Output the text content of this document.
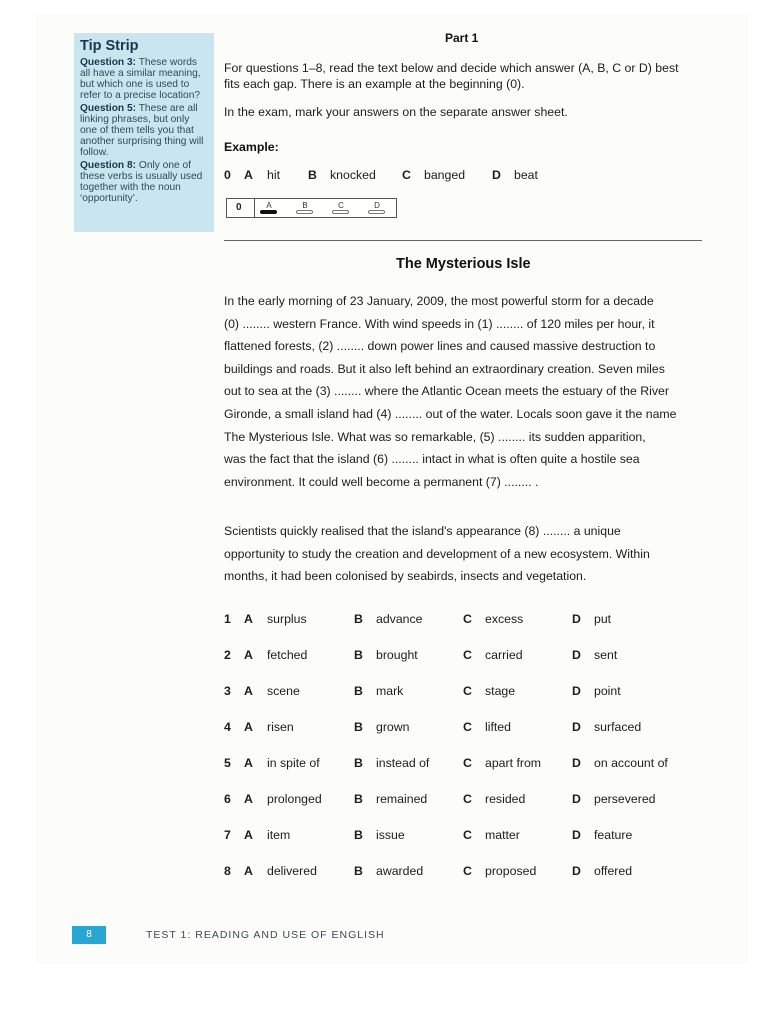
Tip Strip

Question 3: These words all have a similar meaning, but which one is used to refer to a precise location?

Question 5: These are all linking phrases, but only one of them tells you that another surprising thing will follow.

Question 8: Only one of these verbs is usually used together with the noun ‘opportunity’.

Part 1
For questions 1–8, read the text below and decide which answer (A, B, C or D) best
fits each gap. There is an example at the beginning (0).
In the exam, mark your answers on the separate answer sheet.
Example:
0 A hit B knocked C banged D beat
0	A	B	C	D
The Mysterious Isle
In the early morning of 23 January, 2009, the most powerful storm for a decade
(0) ........ western France. With wind speeds in (1) ........ of 120 miles per hour, it
flattened forests, (2) ........ down power lines and caused massive destruction to
buildings and roads. But it also left behind an extraordinary creation. Seven miles
out to sea at the (3) ........ where the Atlantic Ocean meets the estuary of the River
Gironde, a small island had (4) ........ out of the water. Locals soon gave it the name
The Mysterious Isle. What was so remarkable, (5) ........ its sudden apparition,
was the fact that the island (6) ........ intact in what is often quite a hostile sea
environment. It could well become a permanent (7) ........ .
Scientists quickly realised that the island's appearance (8) ........ a unique
opportunity to study the creation and development of a new ecosystem. Within
months, it had been colonised by seabirds, insects and vegetation.
1 A surplus	B advance	C excess	D put
2 A fetched	B brought	C carried	D sent
3 A scene	B mark	C stage	D point
4 A risen	B grown	C lifted	D surfaced
5 A in spite of	B instead of	C apart from	D on account of
6 A prolonged	B remained	C resided	D persevered
7 A item	B issue	C matter	D feature
8 A delivered	B awarded	C proposed	D offered
8	TEST 1: READING AND USE OF ENGLISH
